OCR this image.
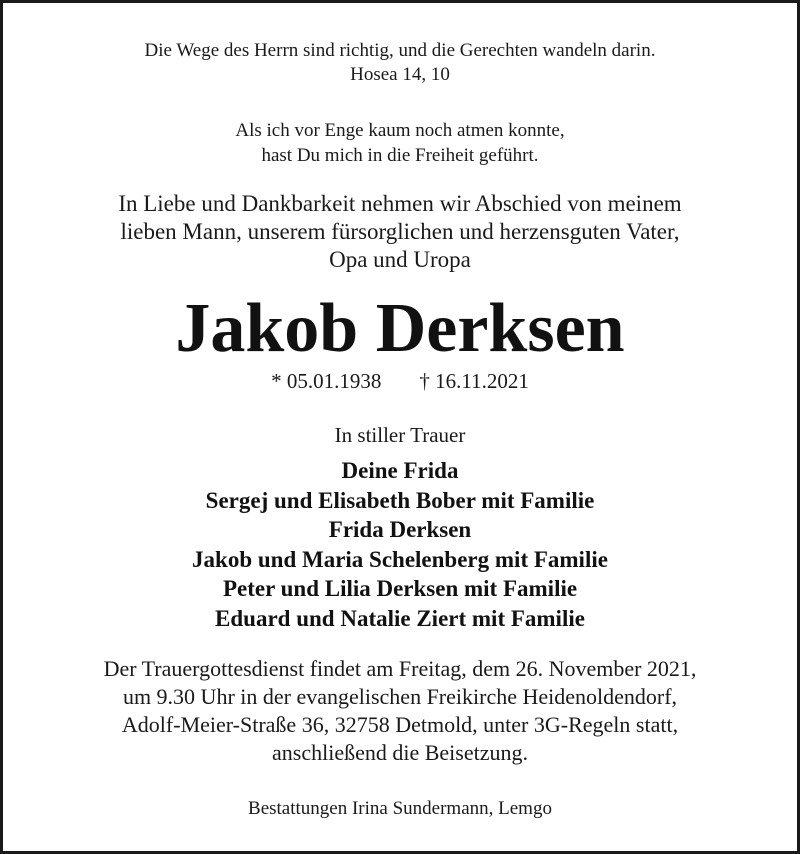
Die Wege des Herrn sind richtig, und die Gerechten wandeln darin.
Hosea 14, 10
Als ich vor Enge kaum noch atmen konnte,
hast Du mich in die Freiheit geführt.
In Liebe und Dankbarkeit nehmen wir Abschied von meinem
lieben Mann, unserem fürsorglichen und herzensguten Vater,
Opa und Uropa
Jakob Derksen
* 05.01.1938 † 16.11.2021
In stiller Trauer
Deine Frida
Sergej und Elisabeth Bober mit Familie
Frida Derksen
Jakob und Maria Schelenberg mit Familie
Peter und Lilia Derksen mit Familie
Eduard und Natalie Ziert mit Familie
Der Trauergottesdienst findet am Freitag, dem 26. November 2021,
um 9.30 Uhr in der evangelischen Freikirche Heidenoldendorf,
Adolf-Meier-Straße 36, 32758 Detmold, unter 3G-Regeln statt,
anschließend die Beisetzung.
Bestattungen Irina Sundermann, Lemgo
